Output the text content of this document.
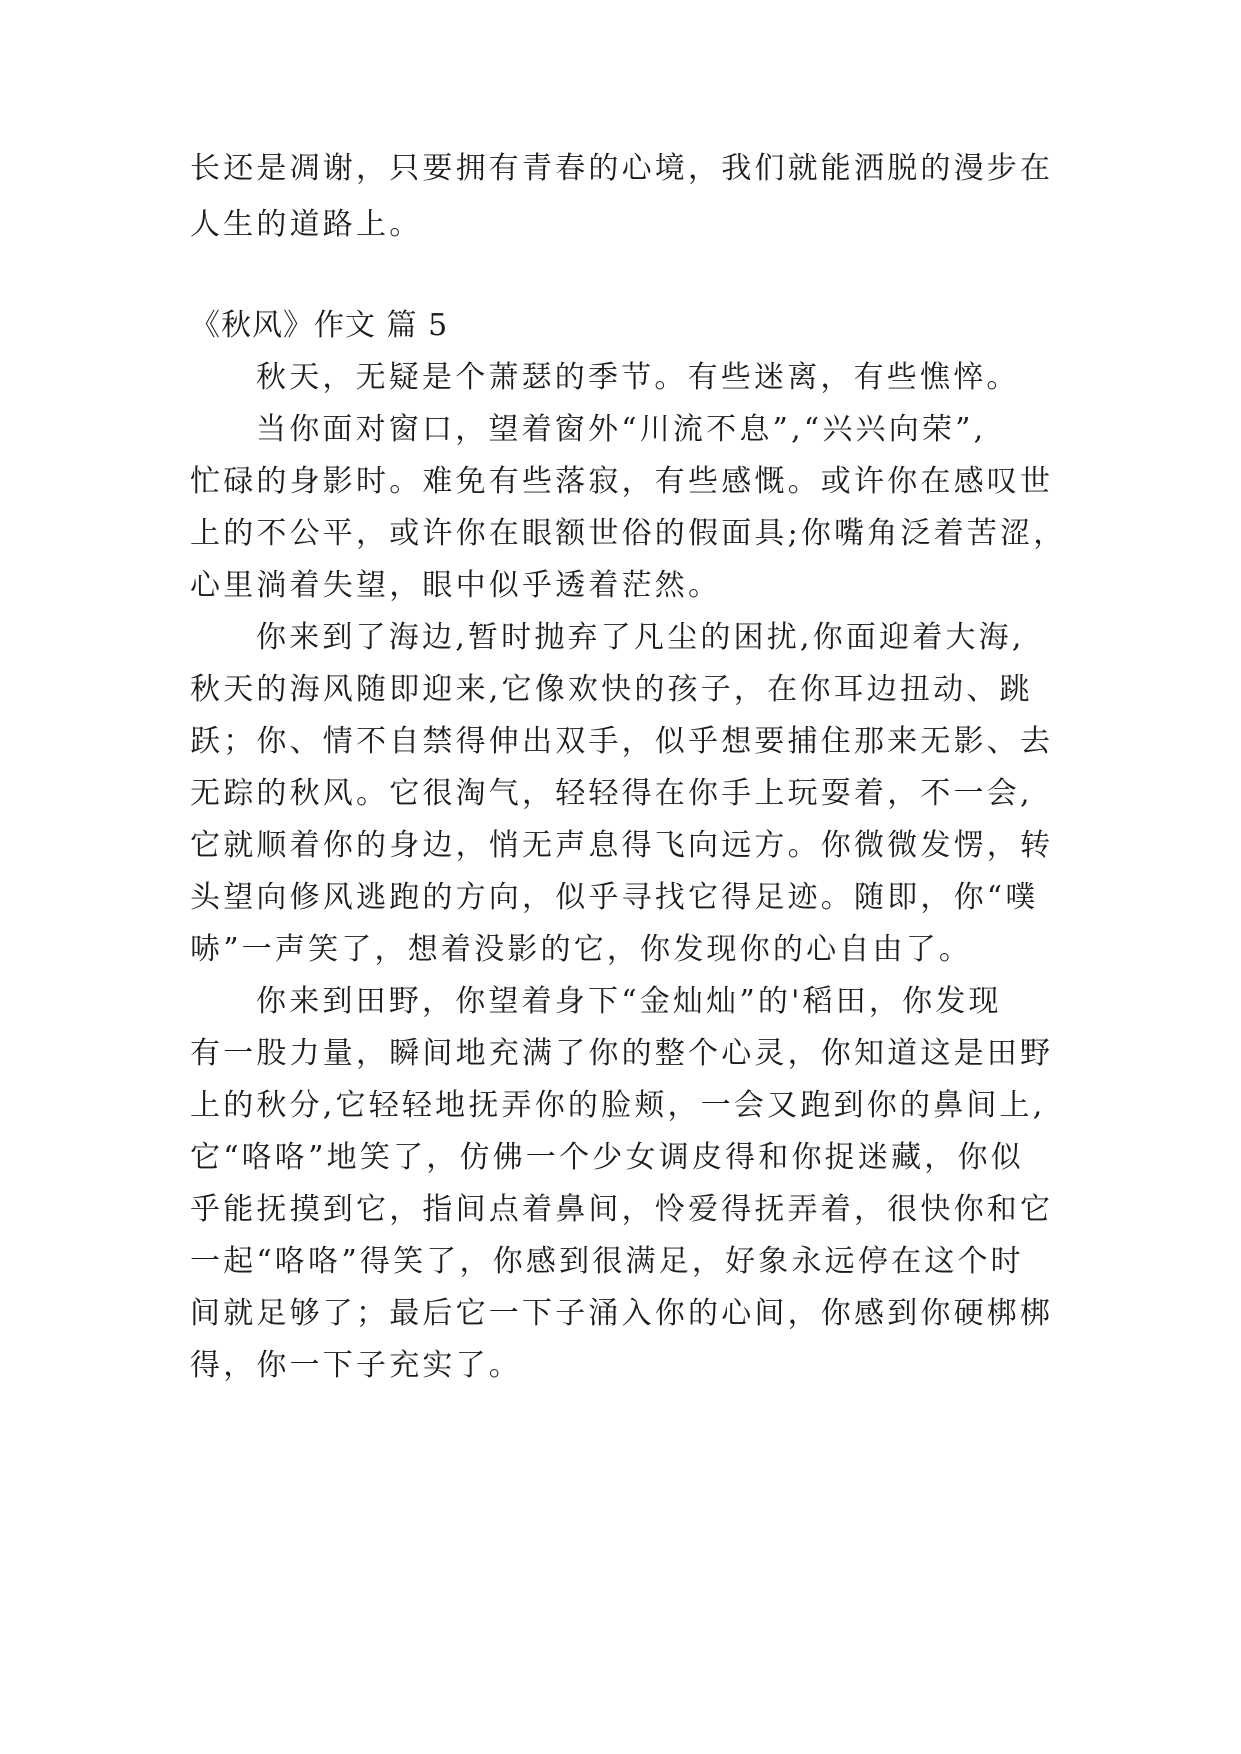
长还是凋谢，只要拥有青春的心境，我们就能洒脱的漫步在
人生的道路上。
《秋风》作文 篇 5
秋天，无疑是个萧瑟的季节。有些迷离，有些憔悴。
当你面对窗口，望着窗外“川流不息”,“兴兴向荣”,
忙碌的身影时。难免有些落寂，有些感慨。或许你在感叹世
上的不公平，或许你在眼额世俗的假面具;你嘴角泛着苦涩，
心里淌着失望，眼中似乎透着茫然。
你来到了海边,暂时抛弃了凡尘的困扰,你面迎着大海,
秋天的海风随即迎来,它像欢快的孩子，在你耳边扭动、跳
跃；你、情不自禁得伸出双手，似乎想要捕住那来无影、去
无踪的秋风。它很淘气，轻轻得在你手上玩耍着，不一会,
它就顺着你的身边，悄无声息得飞向远方。你微微发愣，转
头望向修风逃跑的方向，似乎寻找它得足迹。随即，你“噗
哧”一声笑了，想着没影的它，你发现你的心自由了。
你来到田野，你望着身下“金灿灿”的'稻田，你发现
有一股力量，瞬间地充满了你的整个心灵，你知道这是田野
上的秋分,它轻轻地抚弄你的脸颊，一会又跑到你的鼻间上,
它“咯咯”地笑了，仿佛一个少女调皮得和你捉迷藏，你似
乎能抚摸到它，指间点着鼻间，怜爱得抚弄着，很快你和它
一起“咯咯”得笑了，你感到很满足，好象永远停在这个时
间就足够了；最后它一下子涌入你的心间，你感到你硬梆梆
得，你一下子充实了。
